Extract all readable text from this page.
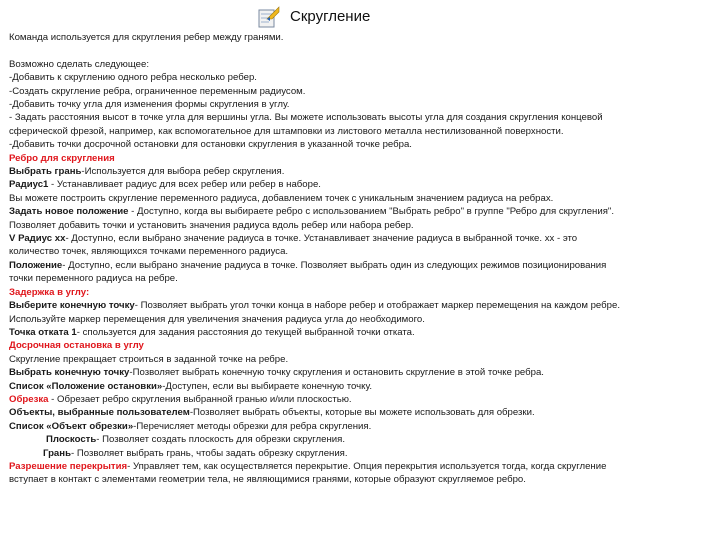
Скругление
Команда используется для скругления ребер между гранями.
Возможно сделать следующее:
-Добавить к скруглению одного ребра несколько ребер.
-Создать скругление ребра, ограниченное переменным радиусом.
-Добавить точку угла для изменения формы скругления в углу.
- Задать расстояния высот в точке угла для вершины угла. Вы можете использовать высоты угла для создания скругления концевой
сферической фрезой, например, как вспомогательное для штамповки из листового металла нестилизованной поверхности.
-Добавить точки досрочной остановки для остановки скругления в указанной точке ребра.
Ребро для скругления
Выбрать грань-Используется для выбора ребер скругления.
Радиус1 - Устанавливает радиус для всех ребер или ребер в наборе.
Вы можете построить скругление переменного радиуса, добавлением точек с уникальным значением радиуса на ребрах.
Задать новое положение - Доступно, когда вы выбираете ребро с использованием "Выбрать ребро" в группе "Ребро для скругления".
Позволяет добавить точки и установить значения радиуса вдоль ребер или набора ребер.
V Радиус xx- Доступно, если выбрано значение радиуса в точке. Устанавливает значение радиуса в выбранной точке. xx - это
количество точек, являющихся точками переменного радиуса.
Положение- Доступно, если выбрано значение радиуса в точке. Позволяет выбрать один из следующих режимов позиционирования
точки переменного радиуса на ребре.
Задержка в углу:
Выберите конечную точку- Позволяет выбрать угол точки конца в наборе ребер и отображает маркер перемещения на каждом ребре.
Используйте маркер перемещения для увеличения значения радиуса угла до необходимого.
Точка отката 1- спользуется для задания расстояния до текущей выбранной точки отката.
Досрочная остановка в углу
Скругление прекращает строиться в заданной точке на ребре.
Выбрать конечную точку-Позволяет выбрать конечную точку скругления и остановить скругление в этой точке ребра.
Список «Положение остановки»-Доступен, если вы выбираете конечную точку.
Обрезка - Обрезает ребро скругления выбранной гранью и/или плоскостью.
Объекты, выбранные пользователем-Позволяет выбрать объекты, которые вы можете использовать для обрезки.
Список «Объект обрезки»-Перечисляет методы обрезки для ребра скругления.
Плоскость- Позволяет создать плоскость для обрезки скругления.
Грань- Позволяет выбрать грань, чтобы задать обрезку скругления.
Разрешение перекрытия- Управляет тем, как осуществляется перекрытие. Опция перекрытия используется тогда, когда скругление
вступает в контакт с элементами геометрии тела, не являющимися гранями, которые образуют скругляемое ребро.
